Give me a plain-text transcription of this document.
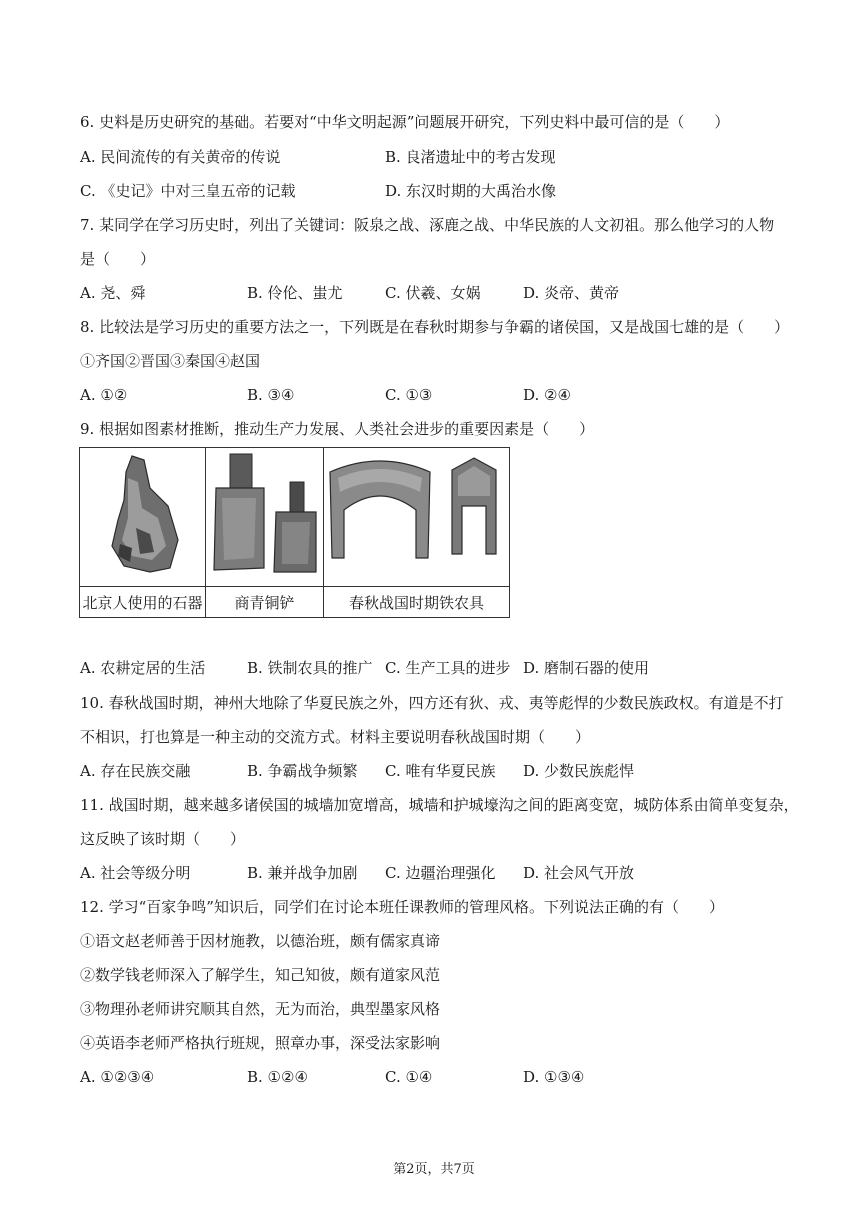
6. 史料是历史研究的基础。若要对“中华文明起源”问题展开研究，下列史料中最可信的是（　　）
A. 民间流传的有关黄帝的传说	B. 良渚遗址中的考古发现
C. 《史记》中对三皇五帝的记载	D. 东汉时期的大禹治水像
7. 某同学在学习历史时，列出了关键词：阪泉之战、涿鹿之战、中华民族的人文初祖。那么他学习的人物
是（　　）
A. 尧、舜	B. 伶伦、蚩尤	C. 伏羲、女娲	D. 炎帝、黄帝
8. 比较法是学习历史的重要方法之一，下列既是在春秋时期参与争霸的诸侯国，又是战国七雄的是（　　）
①齐国②晋国③秦国④赵国
A. ①②	B. ③④	C. ①③	D. ②④
9. 根据如图素材推断，推动生产力发展、人类社会进步的重要因素是（　　）

北京人使用的石器	商青铜铲	春秋战国时期铁农具
A. 农耕定居的生活	B. 铁制农具的推广 C. 生产工具的进步 D. 磨制石器的使用
10. 春秋战国时期，神州大地除了华夏民族之外，四方还有狄、戎、夷等彪悍的少数民族政权。有道是不打
不相识，打也算是一种主动的交流方式。材料主要说明春秋战国时期（　　）
A. 存在民族交融	B. 争霸战争频繁 C. 唯有华夏民族 D. 少数民族彪悍
11. 战国时期，越来越多诸侯国的城墙加宽增高，城墙和护城壕沟之间的距离变宽，城防体系由简单变复杂，
这反映了该时期（　　）
A. 社会等级分明	B. 兼并战争加剧 C. 边疆治理强化 D. 社会风气开放
12. 学习“百家争鸣”知识后，同学们在讨论本班任课教师的管理风格。下列说法正确的有（　　）
①语文赵老师善于因材施教，以德治班，颇有儒家真谛
②数学钱老师深入了解学生，知己知彼，颇有道家风范
③物理孙老师讲究顺其自然，无为而治，典型墨家风格
④英语李老师严格执行班规，照章办事，深受法家影响
A. ①②③④	B. ①②④	C. ①④	D. ①③④
第2页，共7页
